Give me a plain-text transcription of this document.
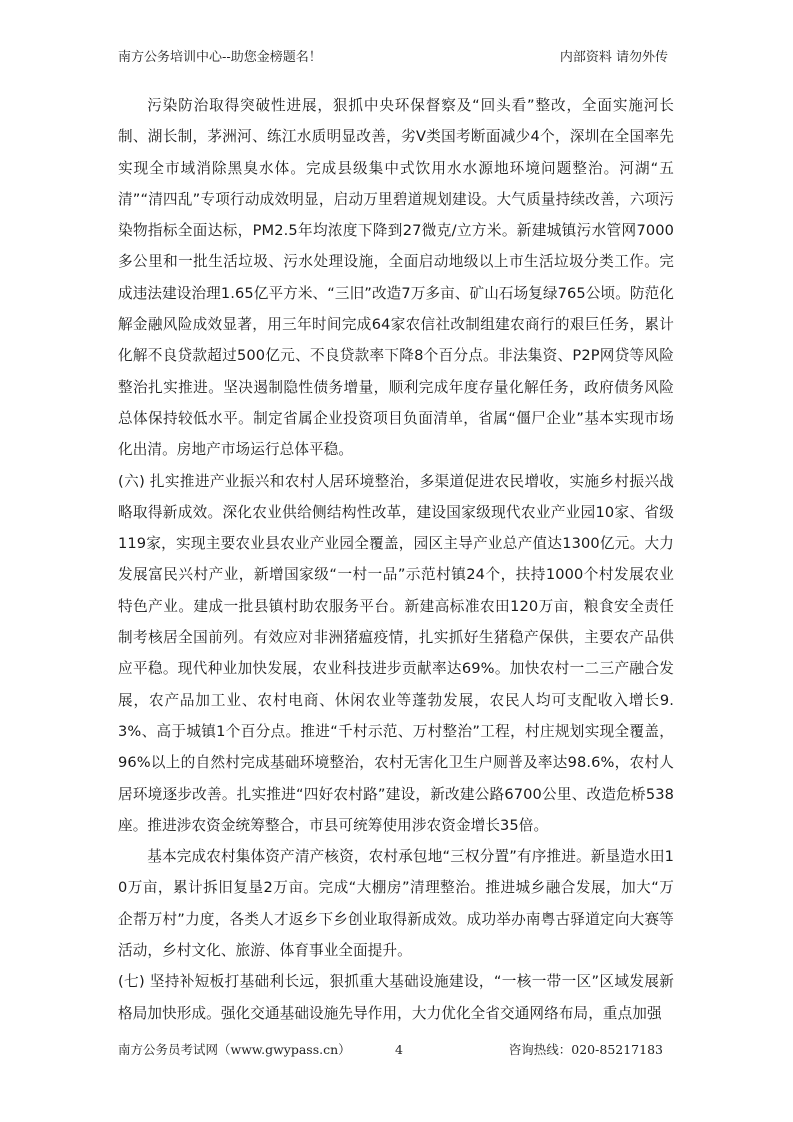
南方公务培训中心--助您金榜题名！	内部资料 请勿外传

污染防治取得突破性进展，狠抓中央环保督察及“回头看”整改，全面实施河长制、湖长制，茅洲河、练江水质明显改善，劣Ⅴ类国考断面减少4个，深圳在全国率先实现全市域消除黑臭水体。完成县级集中式饮用水水源地环境问题整治。河湖“五清”“清四乱”专项行动成效明显，启动万里碧道规划建设。大气质量持续改善，六项污染物指标全面达标，PM2.5年均浓度下降到27微克/立方米。新建城镇污水管网7000多公里和一批生活垃圾、污水处理设施，全面启动地级以上市生活垃圾分类工作。完成违法建设治理1.65亿平方米、“三旧”改造7万多亩、矿山石场复绿765公顷。防范化解金融风险成效显著，用三年时间完成64家农信社改制组建农商行的艰巨任务，累计化解不良贷款超过500亿元、不良贷款率下降8个百分点。非法集资、P2P网贷等风险整治扎实推进。坚决遏制隐性债务增量，顺利完成年度存量化解任务，政府债务风险总体保持较低水平。制定省属企业投资项目负面清单，省属“僵尸企业”基本实现市场化出清。房地产市场运行总体平稳。

(六) 扎实推进产业振兴和农村人居环境整治，多渠道促进农民增收，实施乡村振兴战略取得新成效。深化农业供给侧结构性改革，建设国家级现代农业产业园10家、省级119家，实现主要农业县农业产业园全覆盖，园区主导产业总产值达1300亿元。大力发展富民兴村产业，新增国家级“一村一品”示范村镇24个，扶持1000个村发展农业特色产业。建成一批县镇村助农服务平台。新建高标准农田120万亩，粮食安全责任制考核居全国前列。有效应对非洲猪瘟疫情，扎实抓好生猪稳产保供，主要农产品供应平稳。现代种业加快发展，农业科技进步贡献率达69%。加快农村一二三产融合发展，农产品加工业、农村电商、休闲农业等蓬勃发展，农民人均可支配收入增长9.3%、高于城镇1个百分点。推进“千村示范、万村整治”工程，村庄规划实现全覆盖，96%以上的自然村完成基础环境整治，农村无害化卫生户厕普及率达98.6%，农村人居环境逐步改善。扎实推进“四好农村路”建设，新改建公路6700公里、改造危桥538座。推进涉农资金统筹整合，市县可统筹使用涉农资金增长35倍。

基本完成农村集体资产清产核资，农村承包地“三权分置”有序推进。新垦造水田10万亩，累计拆旧复垦2万亩。完成“大棚房”清理整治。推进城乡融合发展，加大“万企帮万村”力度，各类人才返乡下乡创业取得新成效。成功举办南粤古驿道定向大赛等活动，乡村文化、旅游、体育事业全面提升。

(七) 坚持补短板打基础利长远，狠抓重大基础设施建设，“一核一带一区”区域发展新格局加快形成。强化交通基础设施先导作用，大力优化全省交通网络布局，重点加强

南方公务员考试网（www.gwypass.cn）	4	咨询热线：020-85217183
